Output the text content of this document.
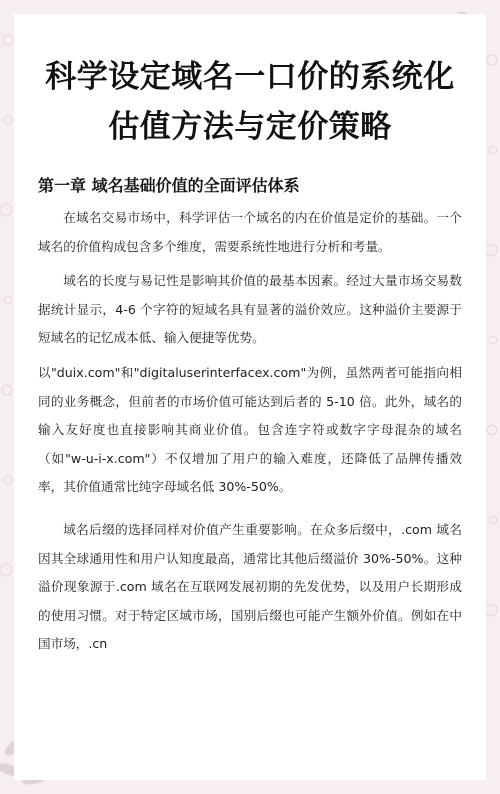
科学设定域名一口价的系统化
估值方法与定价策略
第一章 域名基础价值的全面评估体系

在域名交易市场中，科学评估一个域名的内在价值是定价的基础。一个域名的价值构成包含多个维度，需要系统性地进行分析和考量。

域名的长度与易记性是影响其价值的最基本因素。经过大量市场交易数据统计显示，4-6 个字符的短域名具有显著的溢价效应。这种溢价主要源于短域名的记忆成本低、输入便捷等优势。

以"duix.com"和"digitaluserinterfacex.com"为例，虽然两者可能指向相同的业务概念，但前者的市场价值可能达到后者的 5-10 倍。此外，域名的输入友好度也直接影响其商业价值。包含连字符或数字字母混杂的域名（如"w-u-i-x.com"）不仅增加了用户的输入难度，还降低了品牌传播效率，其价值通常比纯字母域名低 30%-50%。

域名后缀的选择同样对价值产生重要影响。在众多后缀中，.com 域名因其全球通用性和用户认知度最高，通常比其他后缀溢价 30%-50%。这种溢价现象源于.com 域名在互联网发展初期的先发优势，以及用户长期形成的使用习惯。对于特定区域市场，国别后缀也可能产生额外价值。例如在中国市场，.cn
